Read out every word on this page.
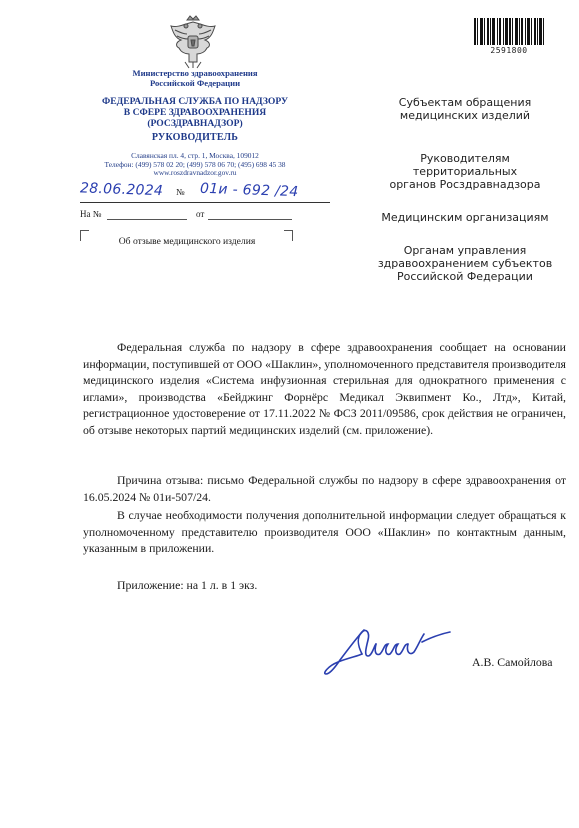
Министерство здравоохранения
Российской Федерации
ФЕДЕРАЛЬНАЯ СЛУЖБА ПО НАДЗОРУ
В СФЕРЕ ЗДРАВООХРАНЕНИЯ
(РОСЗДРАВНАДЗОР)
РУКОВОДИТЕЛЬ
Славянская пл. 4, стр. 1, Москва, 109012
Телефон: (499) 578 02 20; (499) 578 06 70; (495) 698 45 38
www.roszdravnadzor.gov.ru
28.06.2024	№ 01и - 692 /24
На №	от
Об отзыве медицинского изделия
2591800
Субъектам обращения
медицинских изделий
Руководителям
территориальных
органов Росздравнадзора
Медицинским организациям
Органам управления
здравоохранением субъектов
Российской Федерации
Федеральная служба по надзору в сфере здравоохранения сообщает на основании информации, поступившей от ООО «Шаклин», уполномоченного представителя производителя медицинского изделия «Система инфузионная стерильная для однократного применения с иглами», производства «Бейджинг Форнёрс Медикал Эквипмент Ко., Лтд», Китай, регистрационное удостоверение от 17.11.2022 № ФСЗ 2011/09586, срок действия не ограничен, об отзыве некоторых партий медицинских изделий (см. приложение).
Причина отзыва: письмо Федеральной службы по надзору в сфере здравоохранения от 16.05.2024 № 01и-507/24.
В случае необходимости получения дополнительной информации следует обращаться к уполномоченному представителю производителя ООО «Шаклин» по контактным данным, указанным в приложении.
Приложение: на 1 л. в 1 экз.
А.В. Самойлова
